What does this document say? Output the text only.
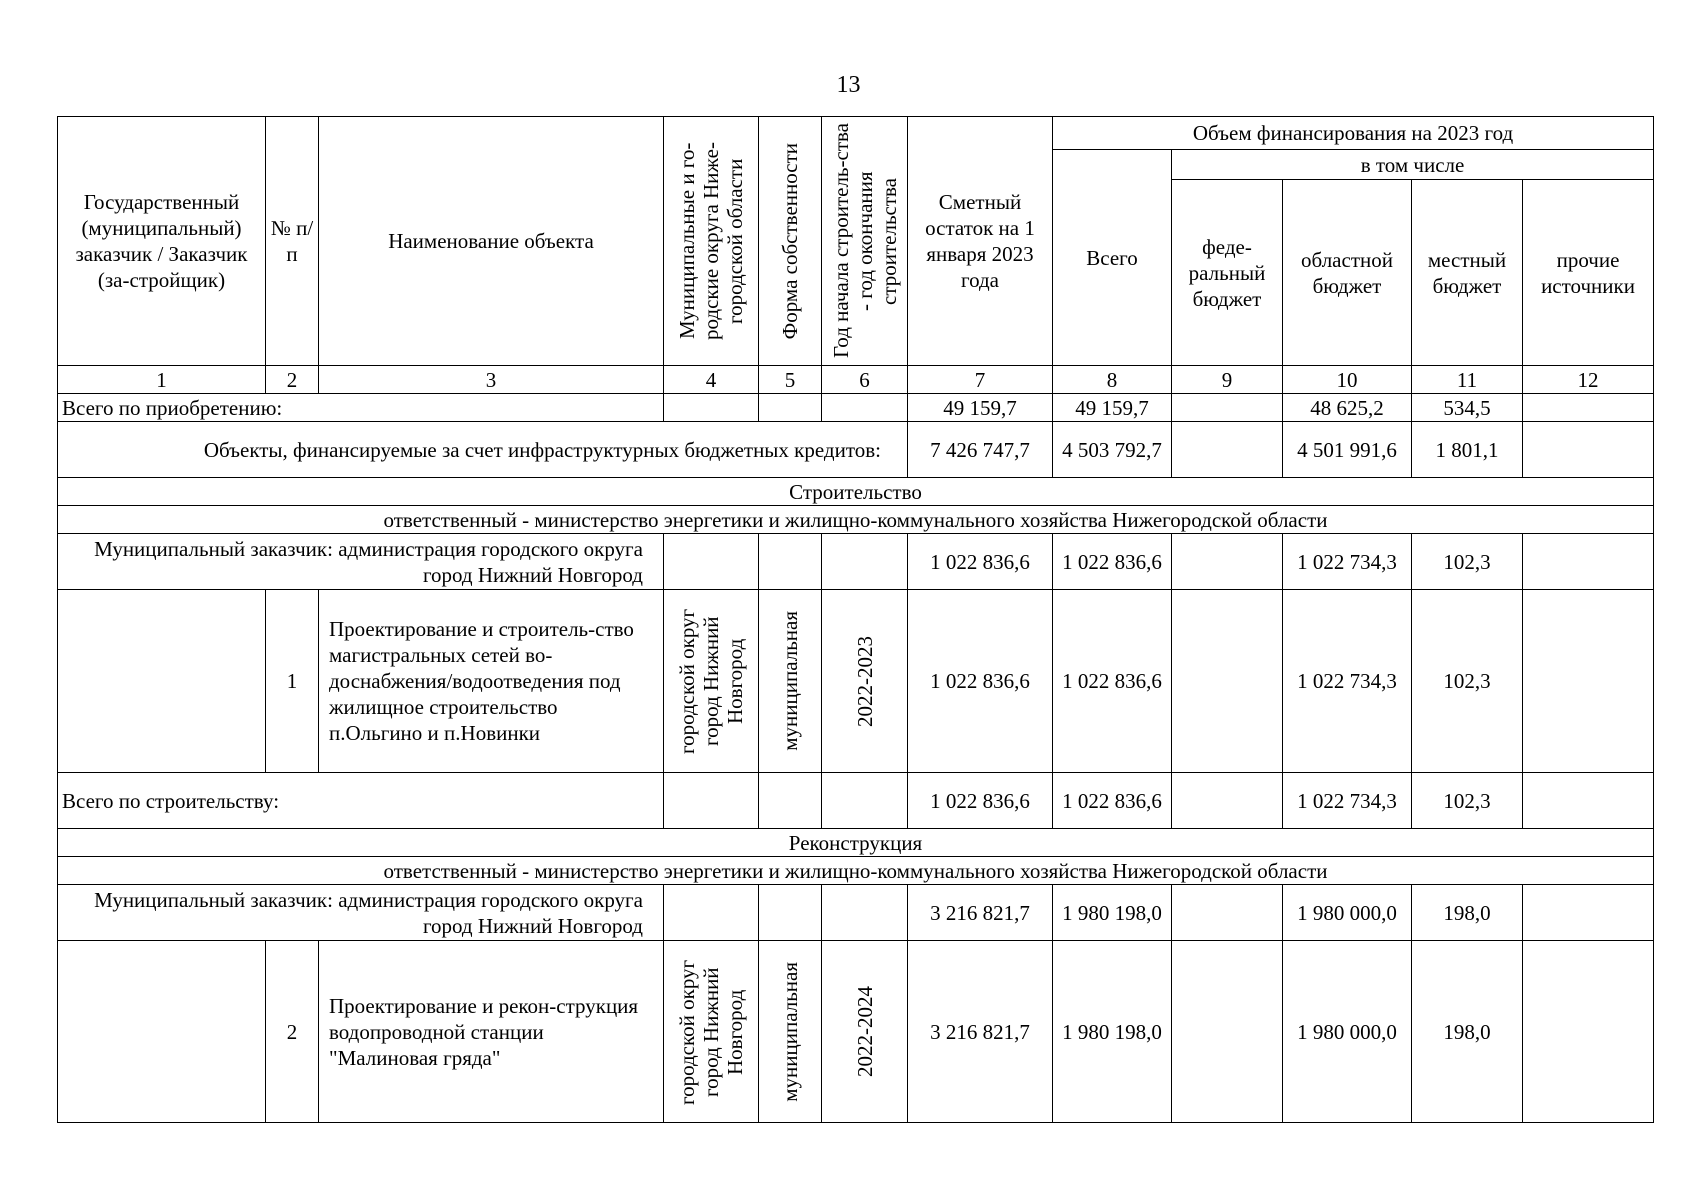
13
Государственный (муниципальный) заказчик / Заказчик (за-стройщик)	№ п/п	Наименование объекта	Муниципальные и го-родские округа Ниже-городской области	Форма собственности	Год начала строитель-ства - год окончания строительства	Сметный остаток на 1 января 2023 года	Объем финансирования на 2023 год				
							Всего	в том числе			
								феде-ральный бюджет	областной бюджет	местный бюджет	прочие источники
1	2	3	4	5	6	7	8	9	10	11	12
Всего по приобретению:						49 159,7	49 159,7		48 625,2	534,5	
Объекты, финансируемые за счет инфраструктурных бюджетных кредитов:						7 426 747,7	4 503 792,7		4 501 991,6	1 801,1	
Строительство											
ответственный - министерство энергетики и жилищно-коммунального хозяйства Нижегородской области											
Муниципальный заказчик: администрация городского округа город Нижний Новгород						1 022 836,6	1 022 836,6		1 022 734,3	102,3	
	1	Проектирование и строитель-ство магистральных сетей во-доснабжения/водоотведения под жилищное строительство п.Ольгино и п.Новинки	городской округ город Нижний Новгород	муниципальная	2022-2023	1 022 836,6	1 022 836,6		1 022 734,3	102,3	
Всего по строительству:						1 022 836,6	1 022 836,6		1 022 734,3	102,3	
Реконструкция											
ответственный - министерство энергетики и жилищно-коммунального хозяйства Нижегородской области											
Муниципальный заказчик: администрация городского округа город Нижний Новгород						3 216 821,7	1 980 198,0		1 980 000,0	198,0	
	2	Проектирование и рекон-струкция водопроводной станции "Малиновая гряда"	городской округ город Нижний Новгород	муниципальная	2022-2024	3 216 821,7	1 980 198,0		1 980 000,0	198,0	
